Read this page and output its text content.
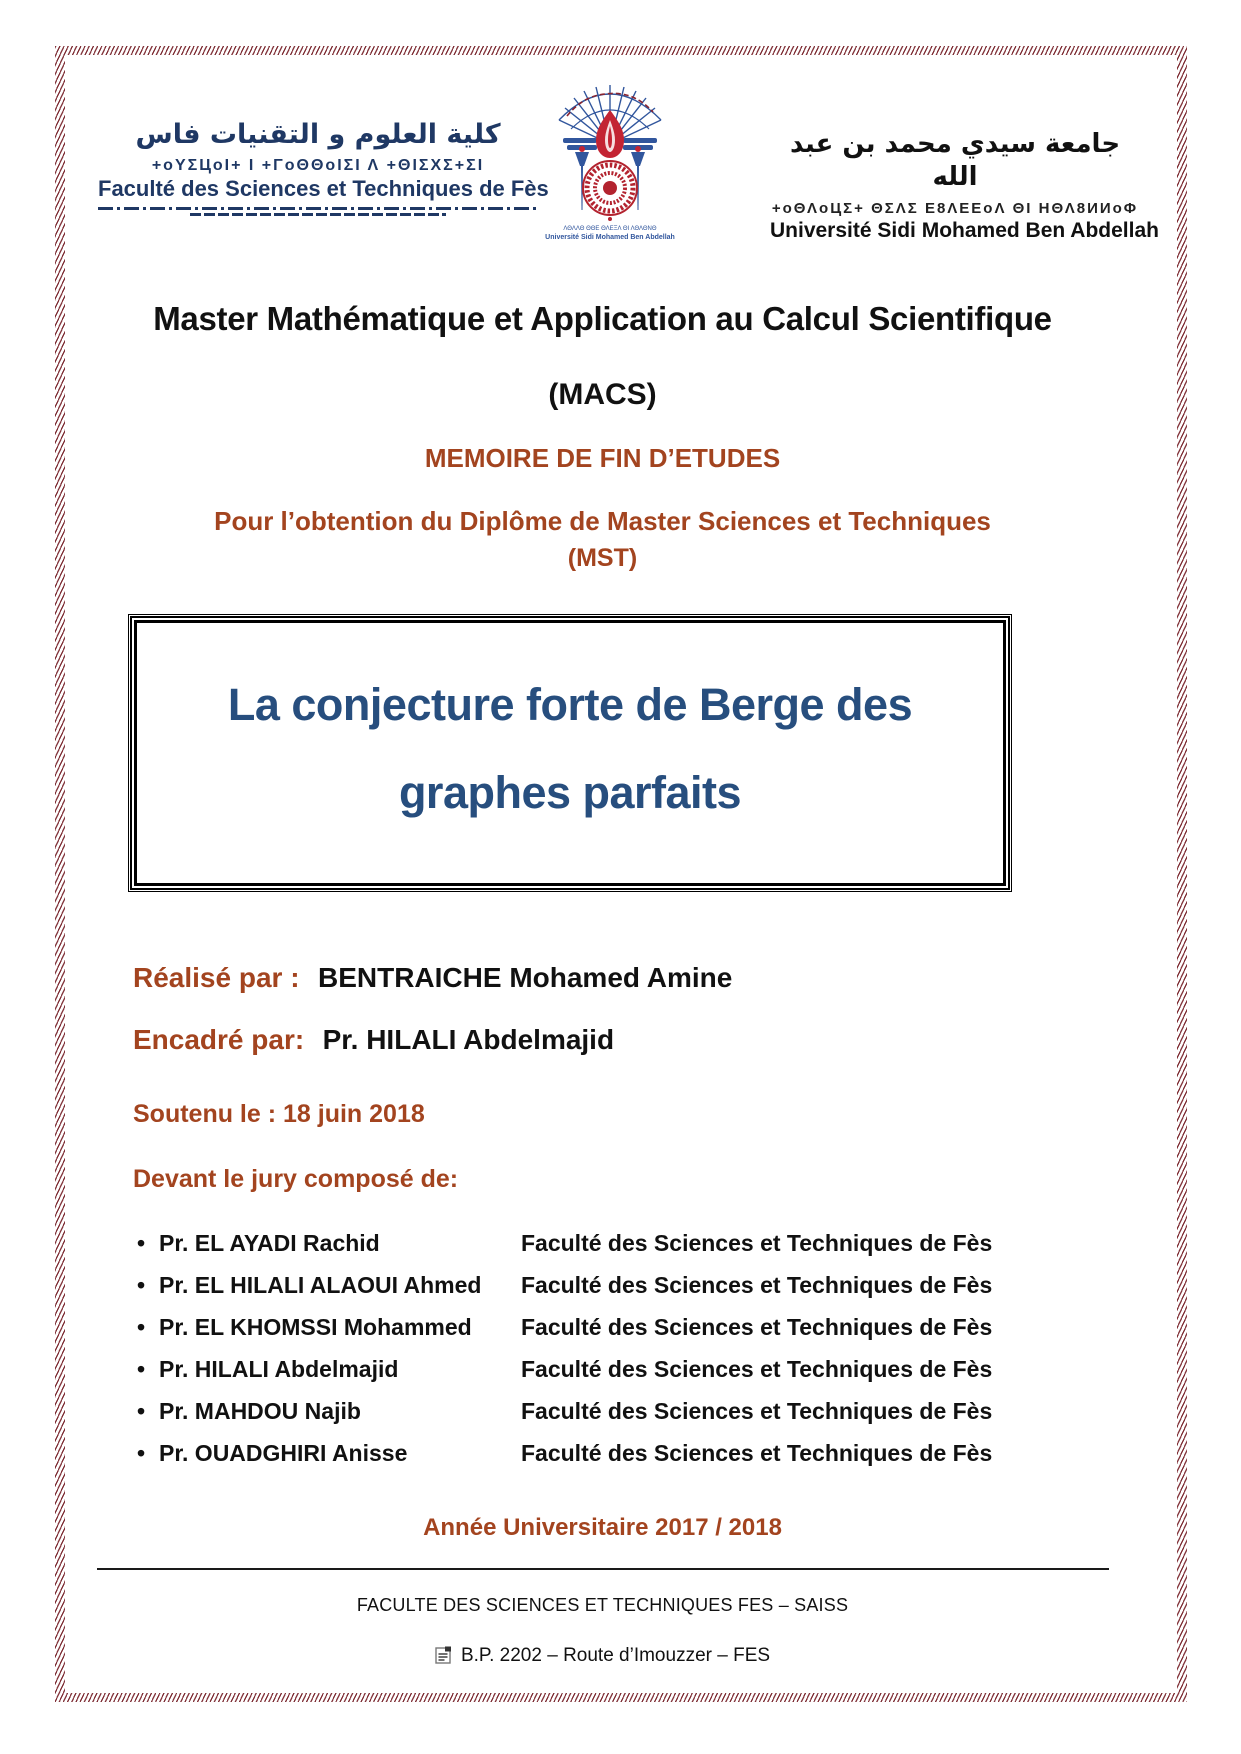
كلية العلوم و التقنيات فاس
+oΥΣЦoΙ+ Ι +ΓoΘΘoΙΣΙ Λ +ΘΙΣΧΣ+ΣΙ
Faculté des Sciences et Techniques de Fès
ΛΘΛΛΘ ΘΘΕ ΘΛΕΞΛ ΘΙ ΛΘΛΘΝΘ
Université Sidi Mohamed Ben Abdellah
جامعة سيدي محمد بن عبد الله
+oΘΛoЦΣ+ ΘΣΛΣ Ε8ΛΕΕoΛ ΘΙ ΗΘΛ8ИИoΦ
Université Sidi Mohamed Ben Abdellah
Master Mathématique et Application au Calcul Scientifique
(MACS)
MEMOIRE DE FIN D’ETUDES
Pour l’obtention du Diplôme de Master Sciences et Techniques
(MST)
La conjecture forte de Berge des
graphes parfaits
Réalisé par : BENTRAICHE Mohamed Amine
Encadré par: Pr. HILALI Abdelmajid
Soutenu le : 18 juin 2018
Devant le jury composé de:
• Pr. EL AYADI Rachid	Faculté des Sciences et Techniques de Fès
• Pr. EL HILALI ALAOUI Ahmed	Faculté des Sciences et Techniques de Fès
• Pr. EL KHOMSSI Mohammed	Faculté des Sciences et Techniques de Fès
• Pr. HILALI Abdelmajid	Faculté des Sciences et Techniques de Fès
• Pr. MAHDOU Najib	Faculté des Sciences et Techniques de Fès
• Pr. OUADGHIRI Anisse	Faculté des Sciences et Techniques de Fès
Année Universitaire 2017 / 2018
FACULTE DES SCIENCES ET TECHNIQUES FES – SAISS
B.P. 2202 – Route d’Imouzzer – FES
